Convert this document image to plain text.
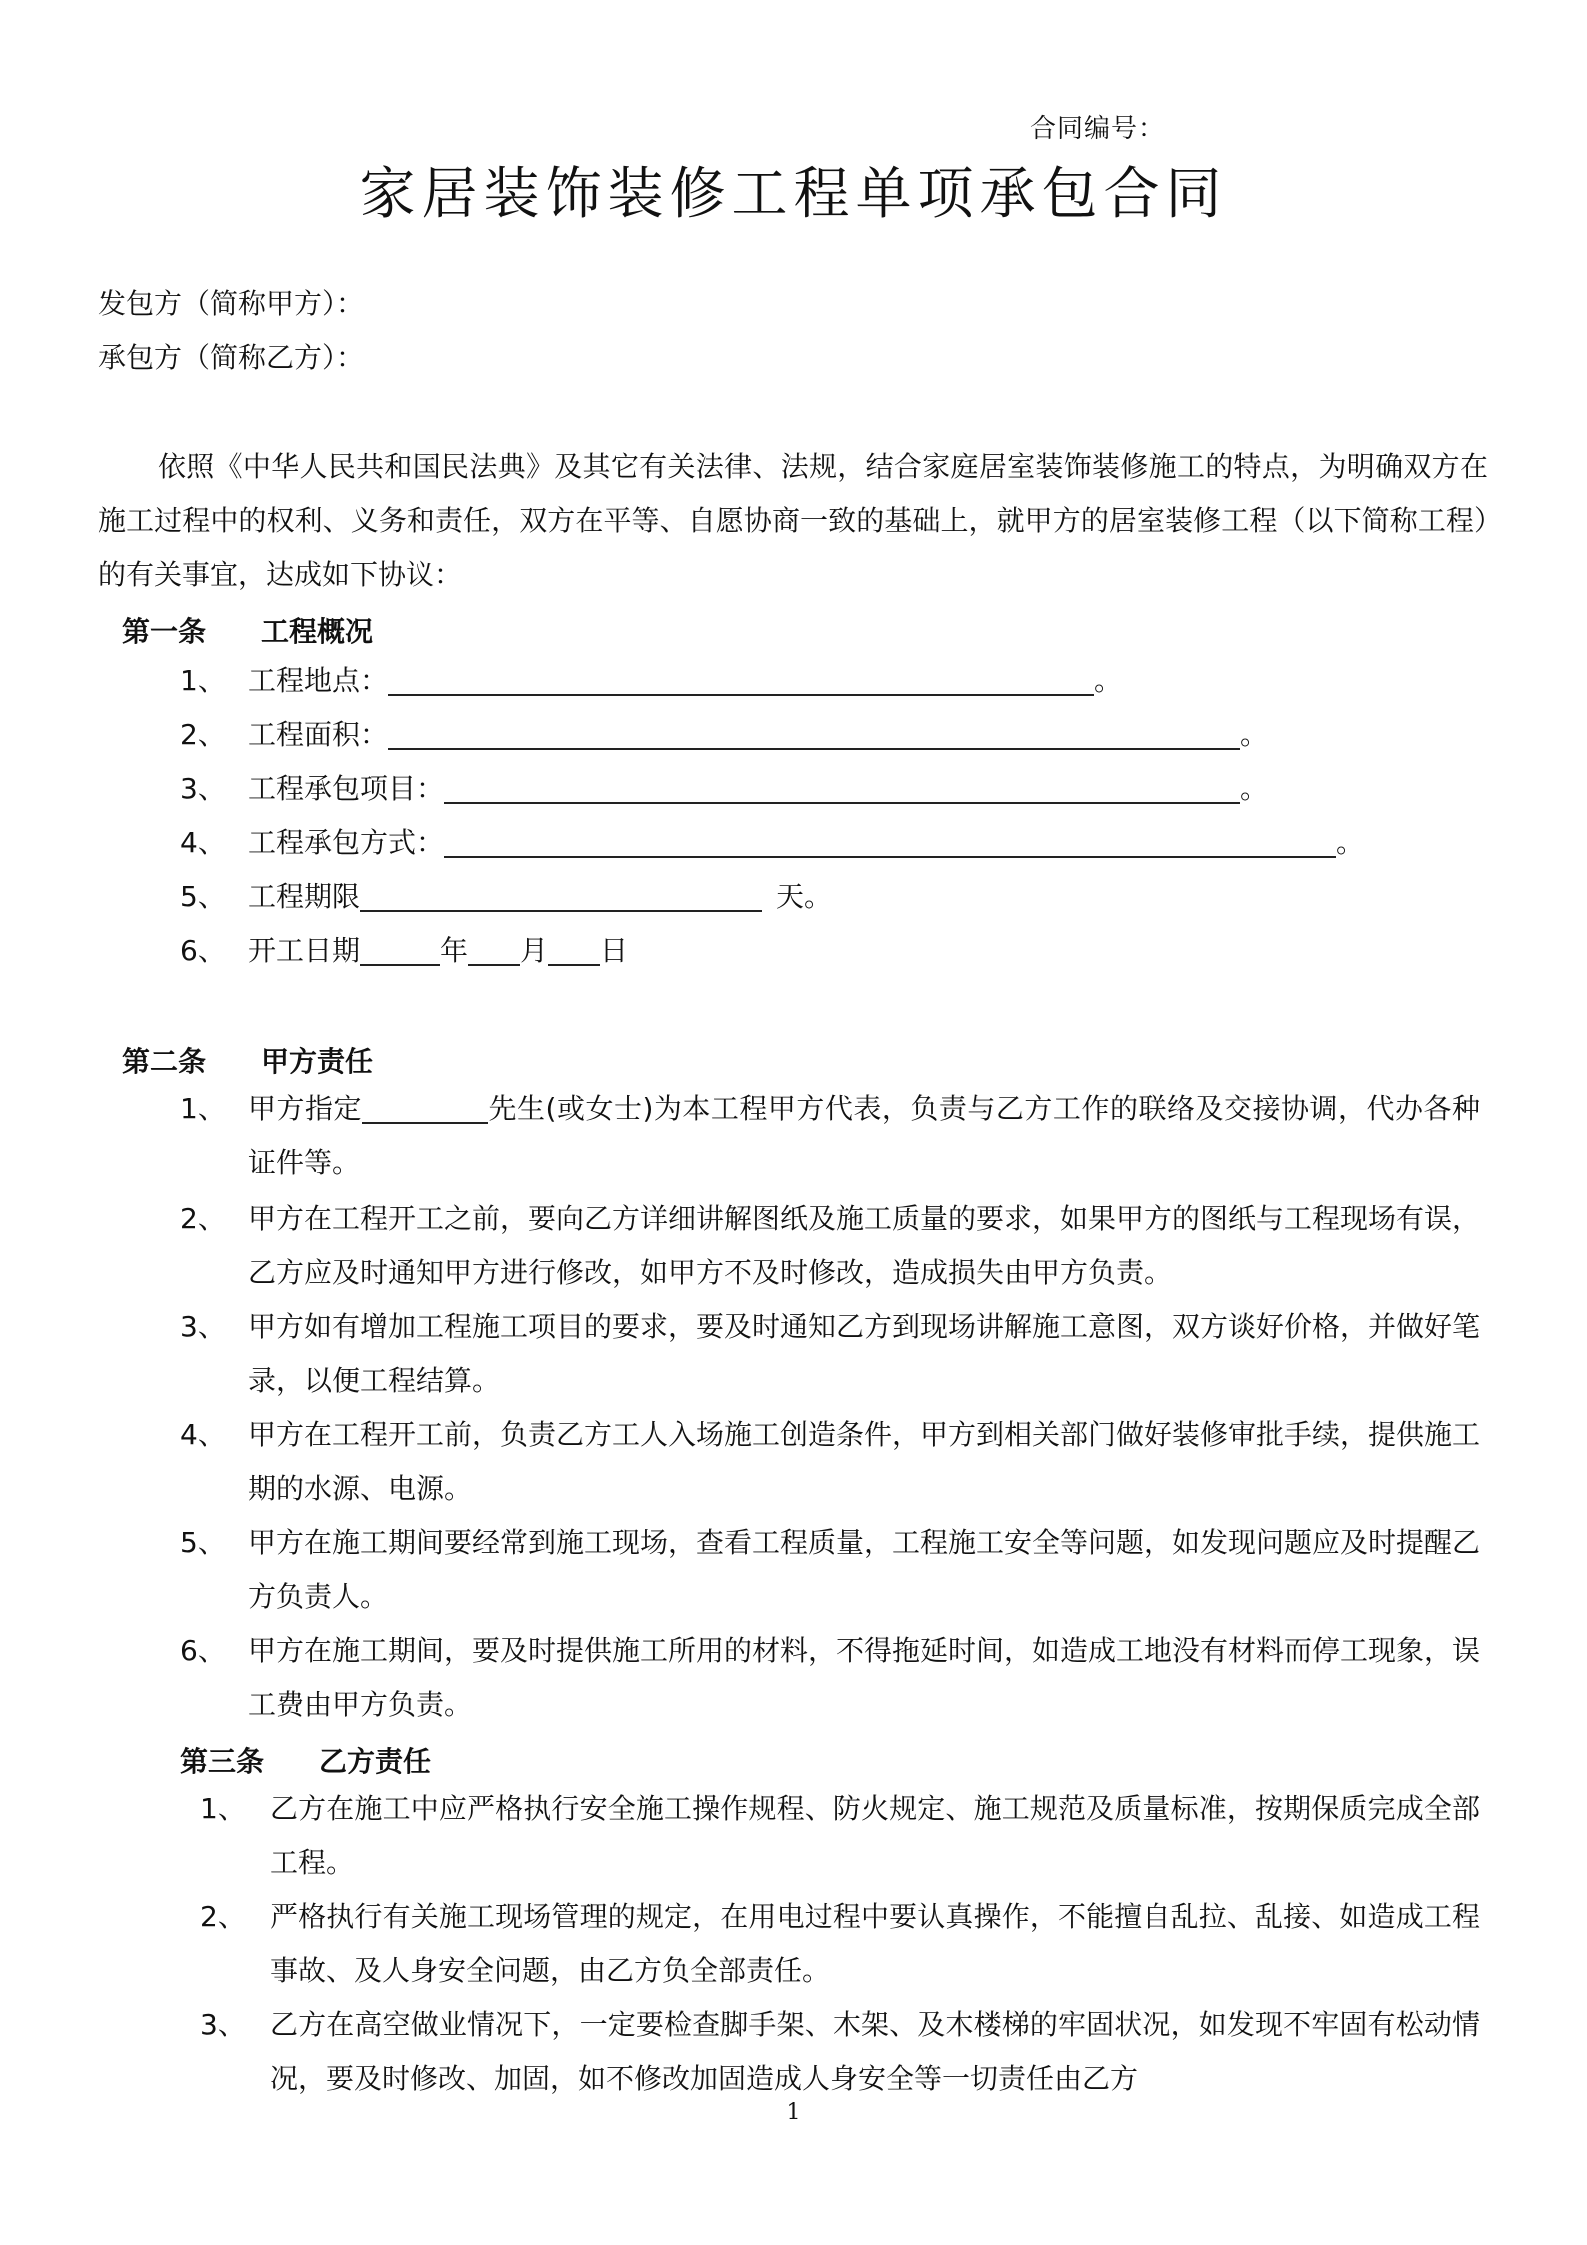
合同编号：
家居装饰装修工程单项承包合同
发包方（简称甲方）：
承包方（简称乙方）：
依照《中华人民共和国民法典》及其它有关法律、法规，结合家庭居室装饰装修施工的特点，为明确双方在施工过程中的权利、义务和责任，双方在平等、自愿协商一致的基础上，就甲方的居室装修工程（以下简称工程）的有关事宜，达成如下协议：
第一条 工程概况
1、 工程地点：	。
2、 工程面积：	。
3、 工程承包项目：	。
4、 工程承包方式：	。
5、 工程期限	天。
6、 开工日期	年 月 日
第二条 甲方责任
1、 甲方指定	先生(或女士)为本工程甲方代表，负责与乙方工作的联络及交接协调，代办各种证件等。
2、 甲方在工程开工之前，要向乙方详细讲解图纸及施工质量的要求，如果甲方的图纸与工程现场有误，乙方应及时通知甲方进行修改，如甲方不及时修改，造成损失由甲方负责。
3、 甲方如有增加工程施工项目的要求，要及时通知乙方到现场讲解施工意图，双方谈好价格，并做好笔录，以便工程结算。
4、 甲方在工程开工前，负责乙方工人入场施工创造条件，甲方到相关部门做好装修审批手续，提供施工期的水源、电源。
5、 甲方在施工期间要经常到施工现场，查看工程质量，工程施工安全等问题，如发现问题应及时提醒乙方负责人。
6、 甲方在施工期间，要及时提供施工所用的材料，不得拖延时间，如造成工地没有材料而停工现象，误工费由甲方负责。
第三条 乙方责任
1、 乙方在施工中应严格执行安全施工操作规程、防火规定、施工规范及质量标准，按期保质完成全部工程。
2、 严格执行有关施工现场管理的规定，在用电过程中要认真操作，不能擅自乱拉、乱接、如造成工程事故、及人身安全问题，由乙方负全部责任。
3、 乙方在高空做业情况下，一定要检查脚手架、木架、及木楼梯的牢固状况，如发现不牢固有松动情况，要及时修改、加固，如不修改加固造成人身安全等一切责任由乙方
1
